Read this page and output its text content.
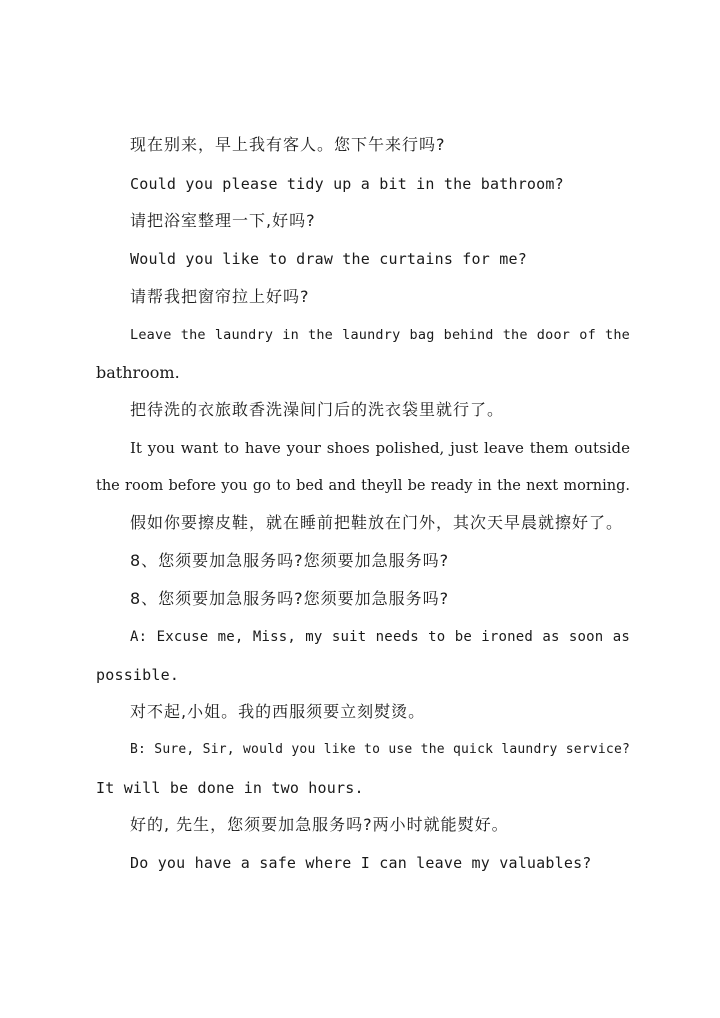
现在别来，早上我有客人。您下午来行吗?
Could you please tidy up a bit in the bathroom?
请把浴室整理一下,好吗?
Would you like to draw the curtains for me?
请帮我把窗帘拉上好吗?
Leave the laundry in the laundry bag behind the door of the
bathroom.
把待洗的衣旅敢香洗澡间门后的洗衣袋里就行了。
It you want to have your shoes polished, just leave them outside
the room before you go to bed and theyll be ready in the next morning.
假如你要擦皮鞋，就在睡前把鞋放在门外，其次天早晨就擦好了。
8、您须要加急服务吗?您须要加急服务吗?
8、您须要加急服务吗?您须要加急服务吗?
A: Excuse me, Miss, my suit needs to be ironed as soon as
possible.
对不起,小姐。我的西服须要立刻熨烫。
B: Sure, Sir, would you like to use the quick laundry service?
It will be done in two hours.
好的, 先生，您须要加急服务吗?两小时就能熨好。
Do you have a safe where I can leave my valuables?
